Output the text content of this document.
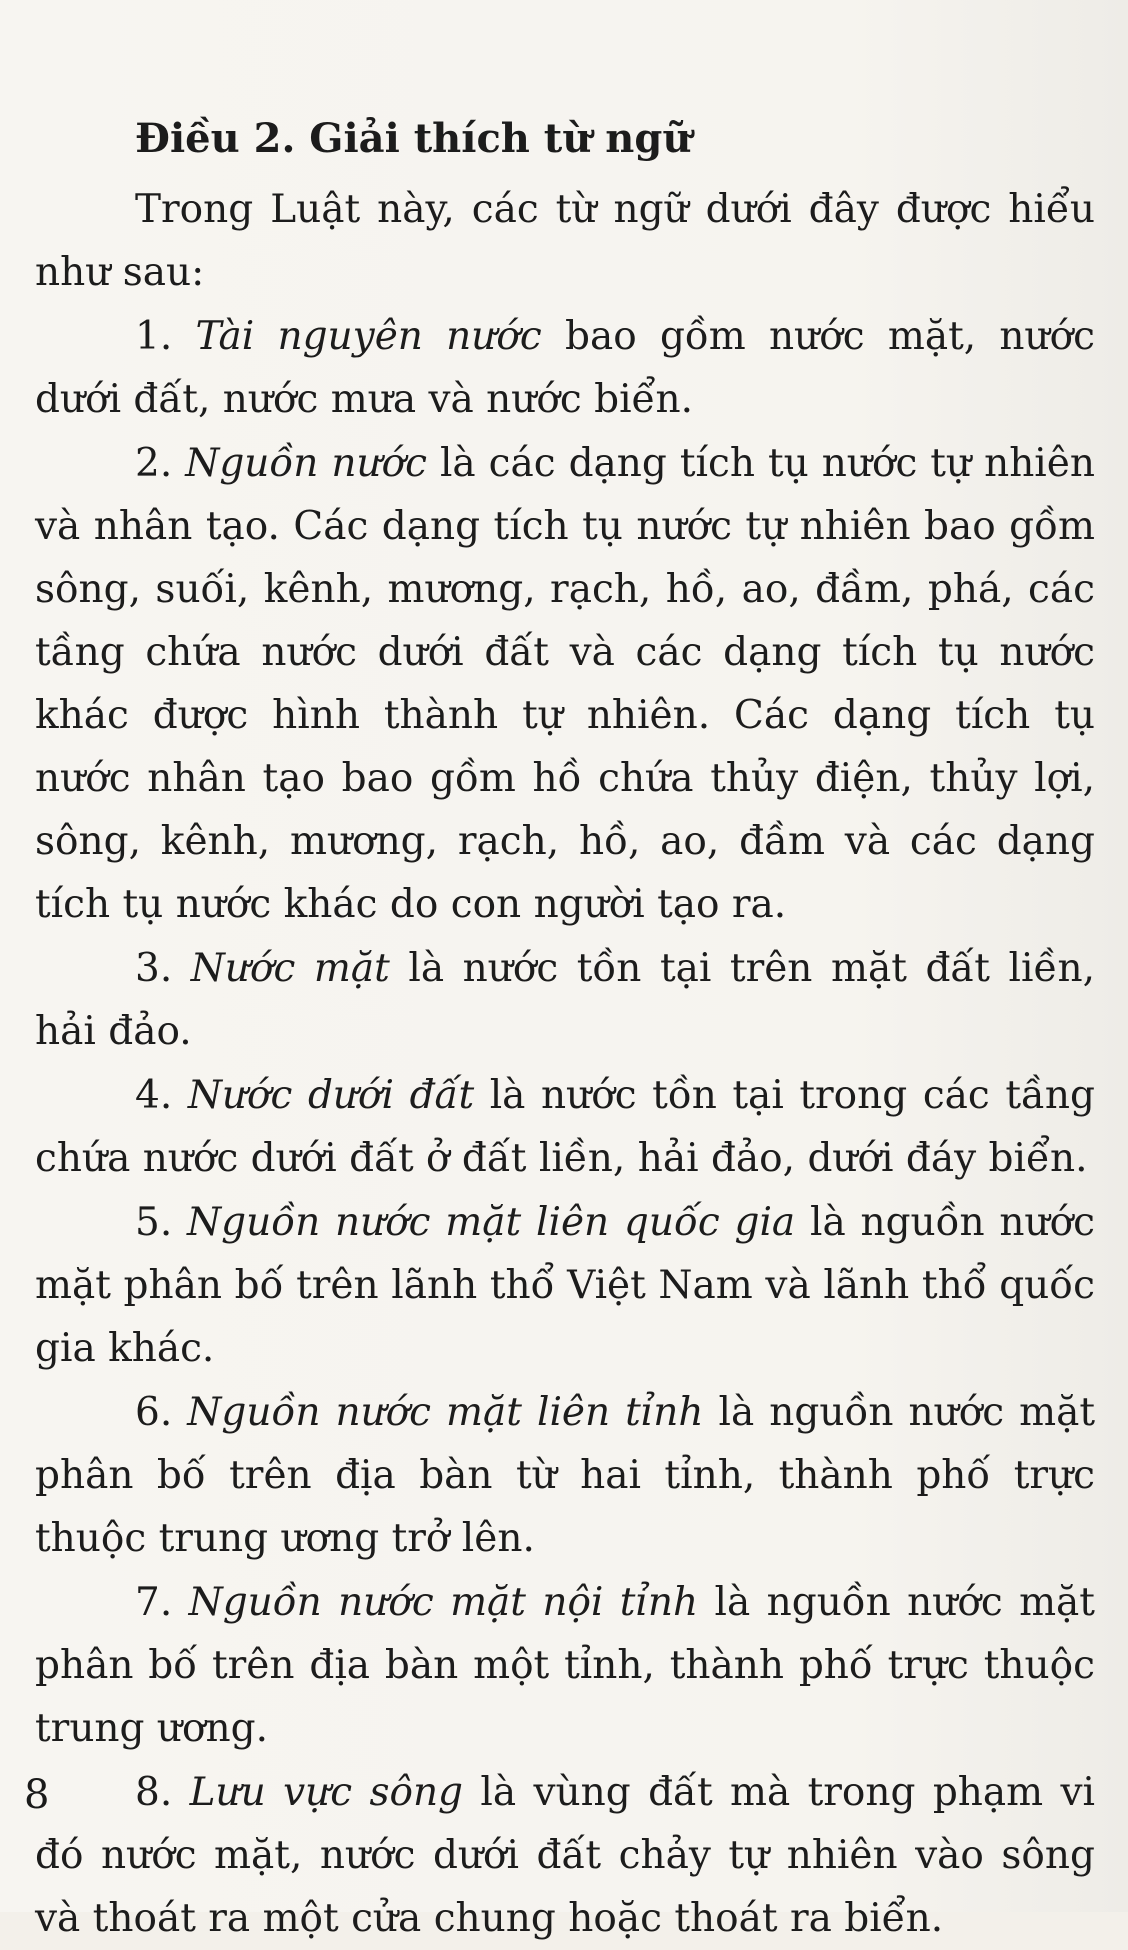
Điều 2. Giải thích từ ngữ

Trong Luật này, các từ ngữ dưới đây được hiểu như sau:

1. Tài nguyên nước bao gồm nước mặt, nước dưới đất, nước mưa và nước biển.

2. Nguồn nước là các dạng tích tụ nước tự nhiên và nhân tạo. Các dạng tích tụ nước tự nhiên bao gồm sông, suối, kênh, mương, rạch, hồ, ao, đầm, phá, các tầng chứa nước dưới đất và các dạng tích tụ nước khác được hình thành tự nhiên. Các dạng tích tụ nước nhân tạo bao gồm hồ chứa thủy điện, thủy lợi, sông, kênh, mương, rạch, hồ, ao, đầm và các dạng tích tụ nước khác do con người tạo ra.

3. Nước mặt là nước tồn tại trên mặt đất liền, hải đảo.

4. Nước dưới đất là nước tồn tại trong các tầng chứa nước dưới đất ở đất liền, hải đảo, dưới đáy biển.

5. Nguồn nước mặt liên quốc gia là nguồn nước mặt phân bố trên lãnh thổ Việt Nam và lãnh thổ quốc gia khác.

6. Nguồn nước mặt liên tỉnh là nguồn nước mặt phân bố trên địa bàn từ hai tỉnh, thành phố trực thuộc trung ương trở lên.

7. Nguồn nước mặt nội tỉnh là nguồn nước mặt phân bố trên địa bàn một tỉnh, thành phố trực thuộc trung ương.

8. Lưu vực sông là vùng đất mà trong phạm vi đó nước mặt, nước dưới đất chảy tự nhiên vào sông và thoát ra một cửa chung hoặc thoát ra biển.

8
